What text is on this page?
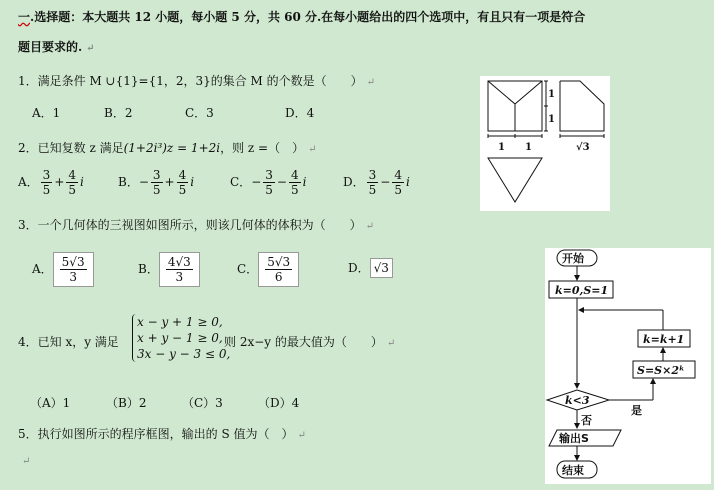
一.选择题：本大题共 12 小题，每小题 5 分，共 60 分.在每小题给出的四个选项中，有且只有一项是符合
题目要求的. ↵
1．满足条件 M ∪{1}={1，2，3}的集合 M 的个数是（　　） ↵
A．1	B．2	C．3	D．4
2．已知复数 z 满足(1+2i³)z = 1+2i，则 z =（　） ↵
A． $\frac{3}{5} + \frac{4}{5}$ i	B．− $\frac{3}{5} + \frac{4}{5}$ i	C．− $\frac{3}{5} - \frac{4}{5}$ i	D． $\frac{3}{5} - \frac{4}{5}$ i
3．一个几何体的三视图如图所示，则该几何体的体积为（　　） ↵
A． $\frac{5√3}{3}$	B． $\frac{4√3}{3}$	C． $\frac{5√3}{6}$	D． √3
4．已知 x，y 满足
x − y + 1 ≥ 0,
x + y − 1 ≥ 0,
3x − y − 3 ≤ 0,
则 2x−y 的最大值为（　　） ↵
（A）1	（B）2	（C）3	（D）4
5．执行如图所示的程序框图，输出的 S 值为（　） ↵
↵
1
1
1 1	√3
开始
k=0,S=1
k<3
k=k+1
S=S×2ᵏ
否
是
输出S
结束
